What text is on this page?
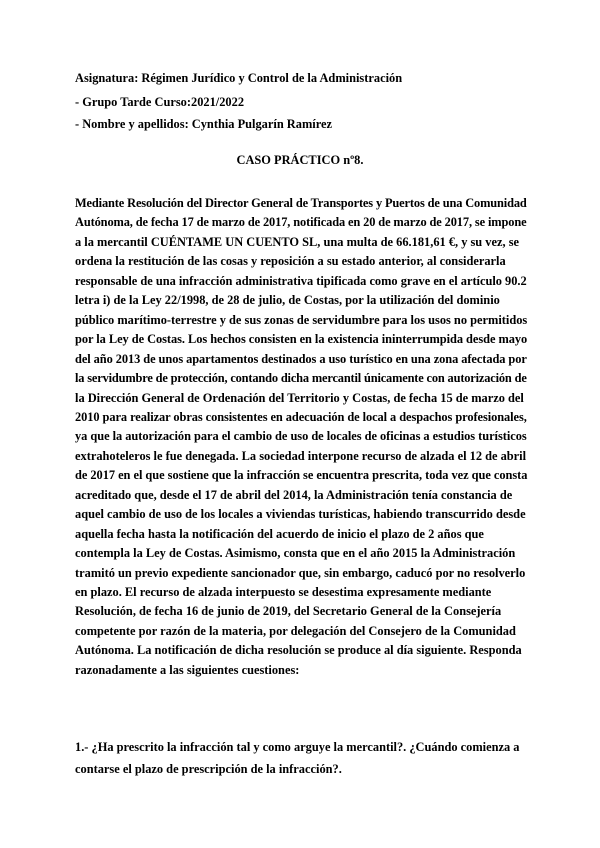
Asignatura: Régimen Jurídico y Control de la Administración
- Grupo Tarde Curso:2021/2022
- Nombre y apellidos: Cynthia Pulgarín Ramírez
CASO PRÁCTICO nº8.
Mediante Resolución del Director General de Transportes y Puertos de una Comunidad
Autónoma, de fecha 17 de marzo de 2017, notificada en 20 de marzo de 2017, se impone
a la mercantil CUÉNTAME UN CUENTO SL, una multa de 66.181,61 €, y su vez, se
ordena la restitución de las cosas y reposición a su estado anterior, al considerarla
responsable de una infracción administrativa tipificada como grave en el artículo 90.2
letra i) de la Ley 22/1998, de 28 de julio, de Costas, por la utilización del dominio
público marítimo-terrestre y de sus zonas de servidumbre para los usos no permitidos
por la Ley de Costas. Los hechos consisten en la existencia ininterrumpida desde mayo
del año 2013 de unos apartamentos destinados a uso turístico en una zona afectada por
la servidumbre de protección, contando dicha mercantil únicamente con autorización de
la Dirección General de Ordenación del Territorio y Costas, de fecha 15 de marzo del
2010 para realizar obras consistentes en adecuación de local a despachos profesionales,
ya que la autorización para el cambio de uso de locales de oficinas a estudios turísticos
extrahoteleros le fue denegada. La sociedad interpone recurso de alzada el 12 de abril
de 2017 en el que sostiene que la infracción se encuentra prescrita, toda vez que consta
acreditado que, desde el 17 de abril del 2014, la Administración tenía constancia de
aquel cambio de uso de los locales a viviendas turísticas, habiendo transcurrido desde
aquella fecha hasta la notificación del acuerdo de inicio el plazo de 2 años que
contempla la Ley de Costas. Asimismo, consta que en el año 2015 la Administración
tramitó un previo expediente sancionador que, sin embargo, caducó por no resolverlo
en plazo. El recurso de alzada interpuesto se desestima expresamente mediante
Resolución, de fecha 16 de junio de 2019, del Secretario General de la Consejería
competente por razón de la materia, por delegación del Consejero de la Comunidad
Autónoma. La notificación de dicha resolución se produce al día siguiente. Responda
razonadamente a las siguientes cuestiones:
1.- ¿Ha prescrito la infracción tal y como arguye la mercantil?. ¿Cuándo comienza a
contarse el plazo de prescripción de la infracción?.
